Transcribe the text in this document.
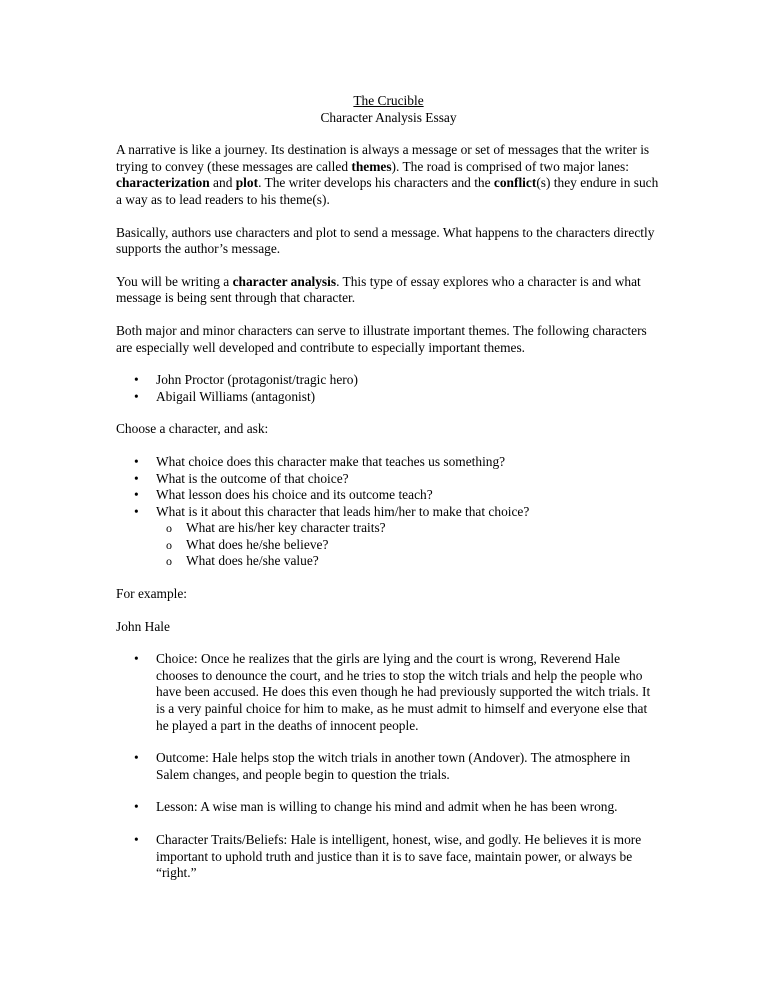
The Crucible
Character Analysis Essay

A narrative is like a journey. Its destination is always a message or set of messages that the writer is trying to convey (these messages are called themes). The road is comprised of two major lanes: characterization and plot. The writer develops his characters and the conflict(s) they endure in such a way as to lead readers to his theme(s).

Basically, authors use characters and plot to send a message. What happens to the characters directly supports the author’s message.

You will be writing a character analysis. This type of essay explores who a character is and what message is being sent through that character.

Both major and minor characters can serve to illustrate important themes. The following characters are especially well developed and contribute to especially important themes.

• John Proctor (protagonist/tragic hero)
• Abigail Williams (antagonist)

Choose a character, and ask:

• What choice does this character make that teaches us something?
• What is the outcome of that choice?
• What lesson does his choice and its outcome teach?
• What is it about this character that leads him/her to make that choice?
o What are his/her key character traits?
o What does he/she believe?
o What does he/she value?

For example:

John Hale

• Choice: Once he realizes that the girls are lying and the court is wrong, Reverend Hale chooses to denounce the court, and he tries to stop the witch trials and help the people who have been accused. He does this even though he had previously supported the witch trials. It is a very painful choice for him to make, as he must admit to himself and everyone else that he played a part in the deaths of innocent people.
• Outcome: Hale helps stop the witch trials in another town (Andover). The atmosphere in Salem changes, and people begin to question the trials.
• Lesson: A wise man is willing to change his mind and admit when he has been wrong.
• Character Traits/Beliefs: Hale is intelligent, honest, wise, and godly. He believes it is more important to uphold truth and justice than it is to save face, maintain power, or always be “right.”
